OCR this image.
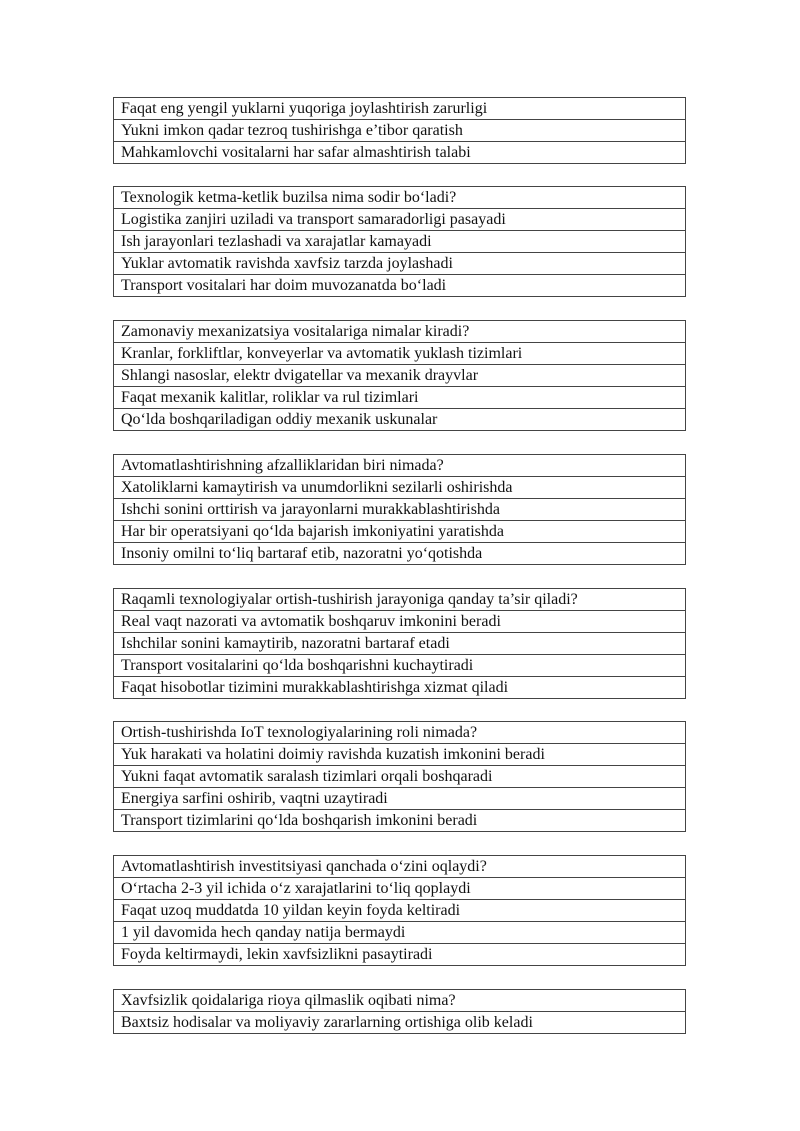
Faqat eng yengil yuklarni yuqoriga joylashtirish zarurligi
Yukni imkon qadar tezroq tushirishga e’tibor qaratish
Mahkamlovchi vositalarni har safar almashtirish talabi
Texnologik ketma-ketlik buzilsa nima sodir bo‘ladi?
Logistika zanjiri uziladi va transport samaradorligi pasayadi
Ish jarayonlari tezlashadi va xarajatlar kamayadi
Yuklar avtomatik ravishda xavfsiz tarzda joylashadi
Transport vositalari har doim muvozanatda bo‘ladi
Zamonaviy mexanizatsiya vositalariga nimalar kiradi?
Kranlar, forkliftlar, konveyerlar va avtomatik yuklash tizimlari
Shlangi nasoslar, elektr dvigatellar va mexanik drayvlar
Faqat mexanik kalitlar, roliklar va rul tizimlari
Qo‘lda boshqariladigan oddiy mexanik uskunalar
Avtomatlashtirishning afzalliklaridan biri nimada?
Xatoliklarni kamaytirish va unumdorlikni sezilarli oshirishda
Ishchi sonini orttirish va jarayonlarni murakkablashtirishda
Har bir operatsiyani qo‘lda bajarish imkoniyatini yaratishda
Insoniy omilni to‘liq bartaraf etib, nazoratni yo‘qotishda
Raqamli texnologiyalar ortish-tushirish jarayoniga qanday ta’sir qiladi?
Real vaqt nazorati va avtomatik boshqaruv imkonini beradi
Ishchilar sonini kamaytirib, nazoratni bartaraf etadi
Transport vositalarini qo‘lda boshqarishni kuchaytiradi
Faqat hisobotlar tizimini murakkablashtirishga xizmat qiladi
Ortish-tushirishda IoT texnologiyalarining roli nimada?
Yuk harakati va holatini doimiy ravishda kuzatish imkonini beradi
Yukni faqat avtomatik saralash tizimlari orqali boshqaradi
Energiya sarfini oshirib, vaqtni uzaytiradi
Transport tizimlarini qo‘lda boshqarish imkonini beradi
Avtomatlashtirish investitsiyasi qanchada o‘zini oqlaydi?
O‘rtacha 2-3 yil ichida o‘z xarajatlarini to‘liq qoplaydi
Faqat uzoq muddatda 10 yildan keyin foyda keltiradi
1 yil davomida hech qanday natija bermaydi
Foyda keltirmaydi, lekin xavfsizlikni pasaytiradi
Xavfsizlik qoidalariga rioya qilmaslik oqibati nima?
Baxtsiz hodisalar va moliyaviy zararlarning ortishiga olib keladi
